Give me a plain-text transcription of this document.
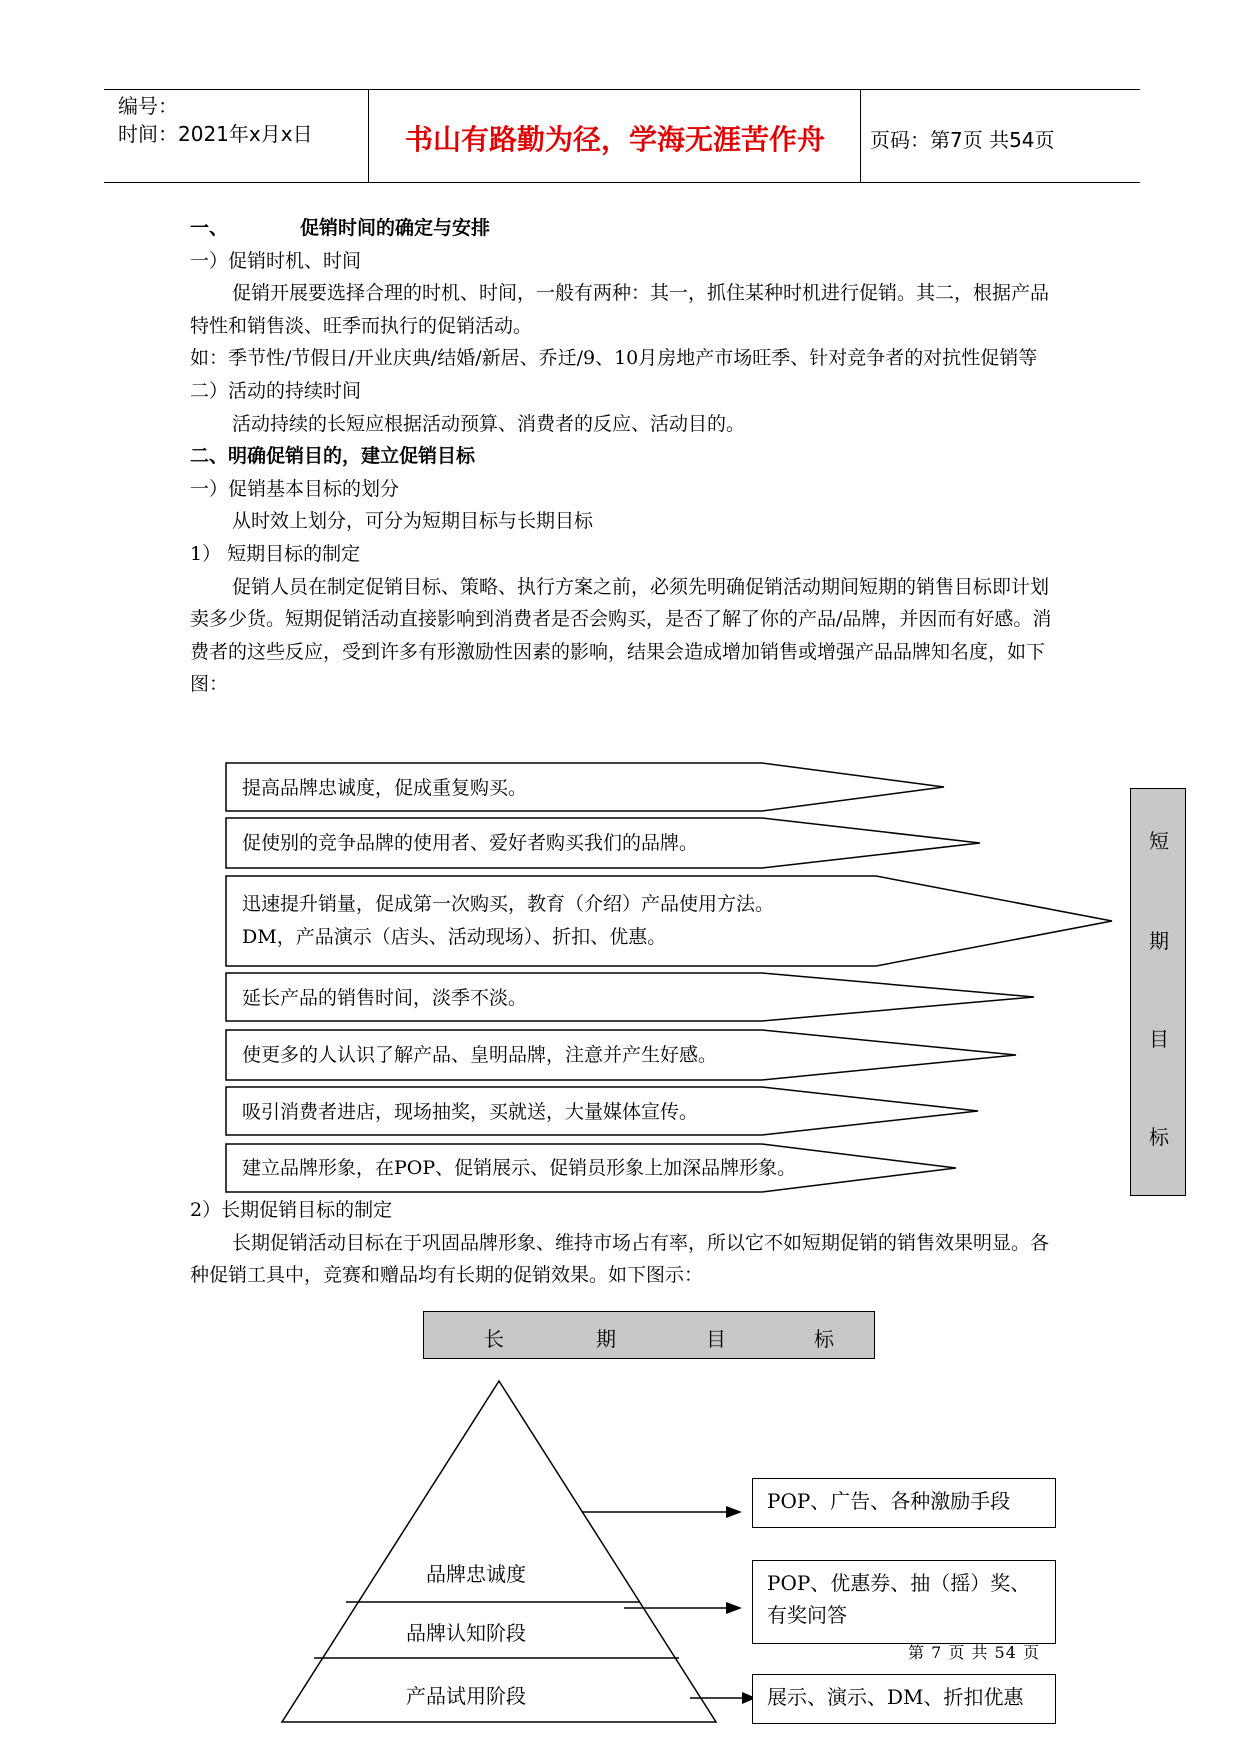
编号：
时间：2021年x月x日	书山有路勤为径，学海无涯苦作舟	页码：第7页 共54页

一、	促销时间的确定与安排

一）促销时机、时间

促销开展要选择合理的时机、时间，一般有两种：其一，抓住某种时机进行促销。其二，根据产品特性和销售淡、旺季而执行的促销活动。

如：季节性/节假日/开业庆典/结婚/新居、乔迁/9、10月房地产市场旺季、针对竞争者的对抗性促销等

二）活动的持续时间

活动持续的长短应根据活动预算、消费者的反应、活动目的。

二、明确促销目的，建立促销目标

一）促销基本目标的划分

从时效上划分，可分为短期目标与长期目标

1） 短期目标的制定

促销人员在制定促销目标、策略、执行方案之前，必须先明确促销活动期间短期的销售目标即计划卖多少货。短期促销活动直接影响到消费者是否会购买，是否了解了你的产品/品牌，并因而有好感。消费者的这些反应，受到许多有形激励性因素的影响，结果会造成增加销售或增强产品品牌知名度，如下图：

提高品牌忠诚度，促成重复购买。
促使别的竞争品牌的使用者、爱好者购买我们的品牌。
迅速提升销量，促成第一次购买，教育（介绍）产品使用方法。
DM，产品演示（店头、活动现场）、折扣、优惠。
延长产品的销售时间，淡季不淡。
使更多的人认识了解产品、皇明品牌，注意并产生好感。
吸引消费者进店，现场抽奖，买就送，大量媒体宣传。
建立品牌形象，在POP、促销展示、促销员形象上加深品牌形象。
短
期
目
标

2）长期促销目标的制定

长期促销活动目标在于巩固品牌形象、维持市场占有率，所以它不如短期促销的销售效果明显。各种促销工具中，竞赛和赠品均有长期的促销效果。如下图示：

长	期	目	标
品牌忠诚度
品牌认知阶段
产品试用阶段
POP、广告、各种激励手段
POP、优惠券、抽（摇）奖、
有奖问答
展示、演示、DM、折扣优惠
第 7 页 共 54 页
